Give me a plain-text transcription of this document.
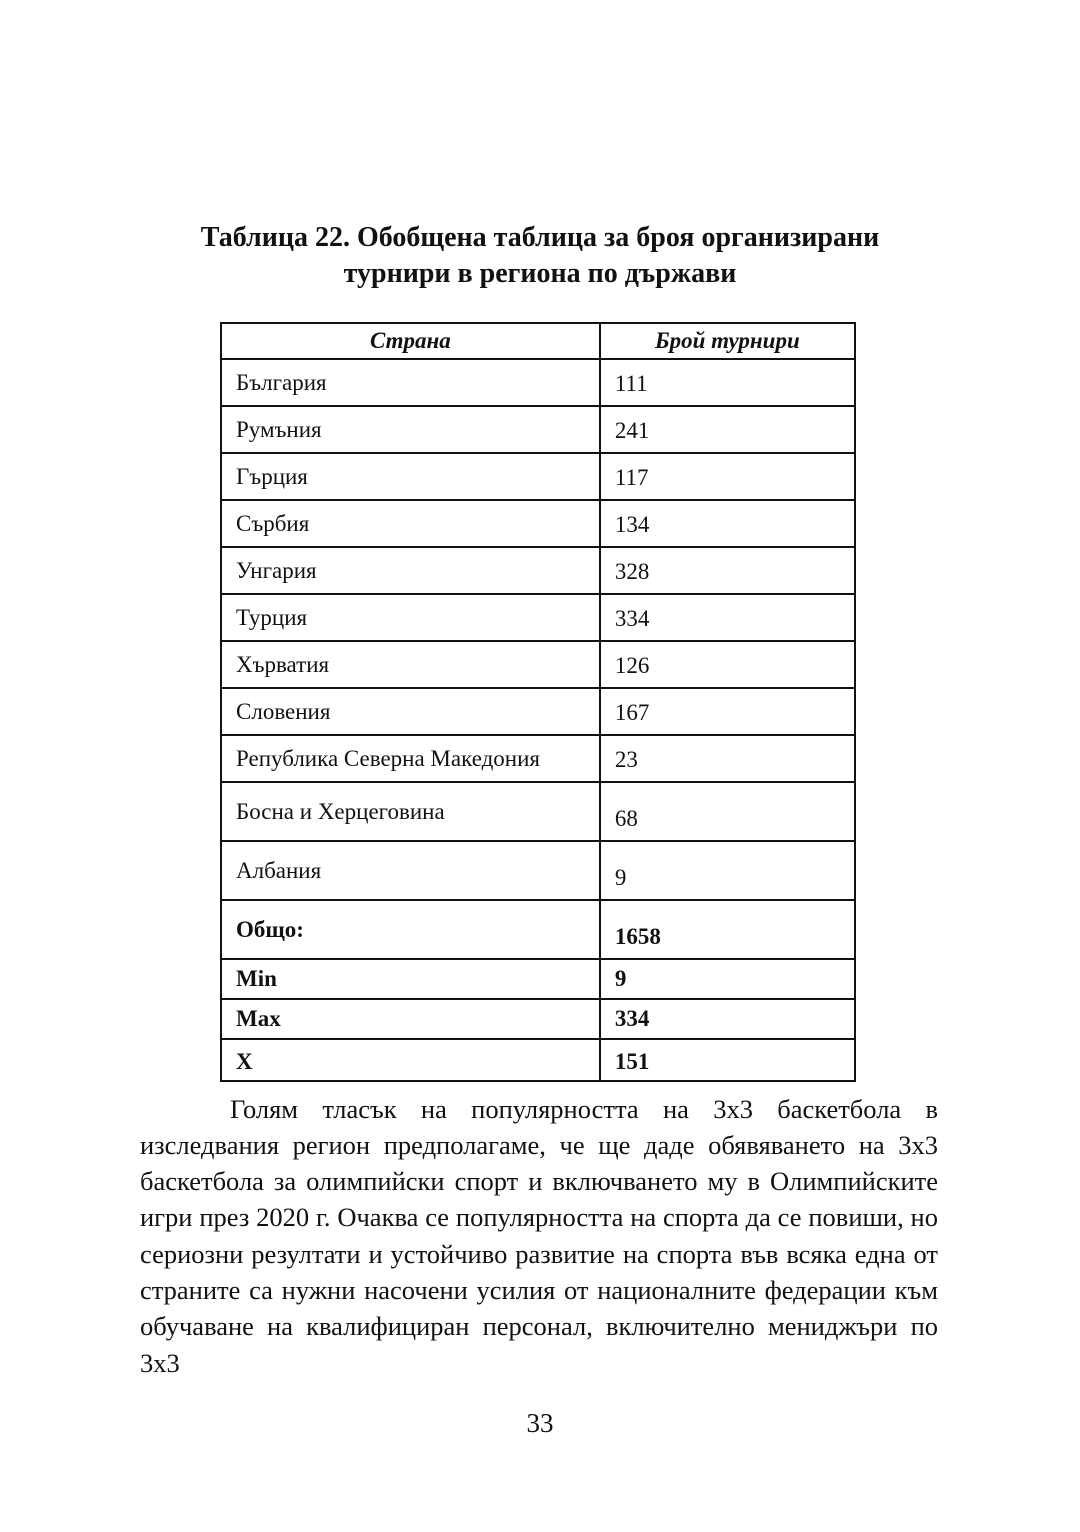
Таблица 22. Обобщена таблица за броя организирани
турнири в региона по държави
Страна	Брой турнири
България	111
Румъния	241
Гърция	117
Сърбия	134
Унгария	328
Турция	334
Хърватия	126
Словения	167
Република Северна Македония	23
Босна и Херцеговина	68
Албания	9
Общо:	1658
Min	9
Max	334
X	151

Голям тласък на популярността на 3х3 баскетбола в изследвания регион предполагаме, че ще даде обявяването на 3х3 баскетбола за олимпийски спорт и включването му в Олимпийските игри през 2020 г. Очаква се популярността на спорта да се повиши, но сериозни резултати и устойчиво развитие на спорта във всяка една от страните са нужни насочени усилия от националните федерации към обучаване на квалифициран персонал, включително мениджъри по 3х3

33
